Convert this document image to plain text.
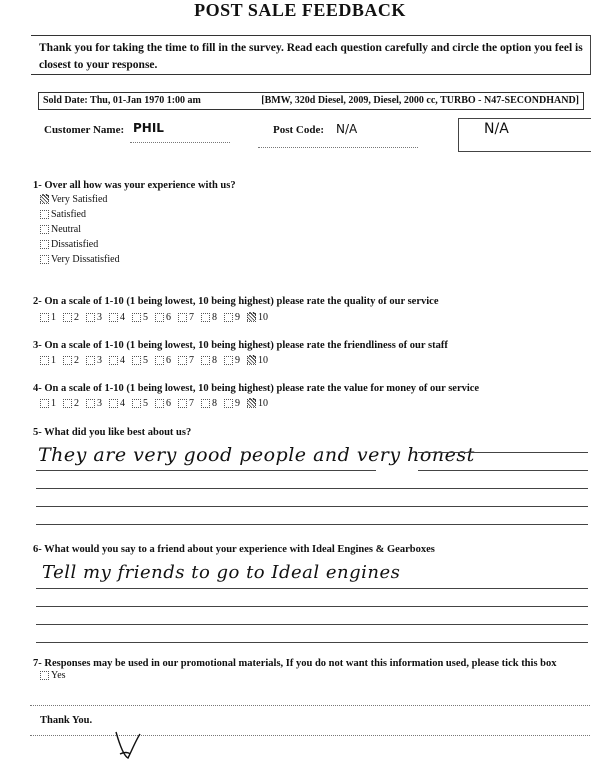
POST SALE FEEDBACK
Thank you for taking the time to fill in the survey. Read each question carefully and circle the option you feel is closest to your response.
Sold Date: Thu, 01-Jan 1970 1:00 am	[BMW, 320d Diesel, 2009, Diesel, 2000 cc, TURBO - N47-SECONDHAND]
Customer Name: PHIL	Post Code: N/A	N/A
1- Over all how was your experience with us?
Very Satisfied
Satisfied
Neutral
Dissatisfied
Very Dissatisfied
2- On a scale of 1-10 (1 being lowest, 10 being highest) please rate the quality of our service
1 2 3 4 5 6 7 8 9 10
3- On a scale of 1-10 (1 being lowest, 10 being highest) please rate the friendliness of our staff
1 2 3 4 5 6 7 8 9 10
4- On a scale of 1-10 (1 being lowest, 10 being highest) please rate the value for money of our service
1 2 3 4 5 6 7 8 9 10
5- What did you like best about us?
They are very good people and very honest
6- What would you say to a friend about your experience with Ideal Engines & Gearboxes
Tell my friends to go to Ideal engines
7- Responses may be used in our promotional materials, If you do not want this information used, please tick this box
Yes
Thank You.
